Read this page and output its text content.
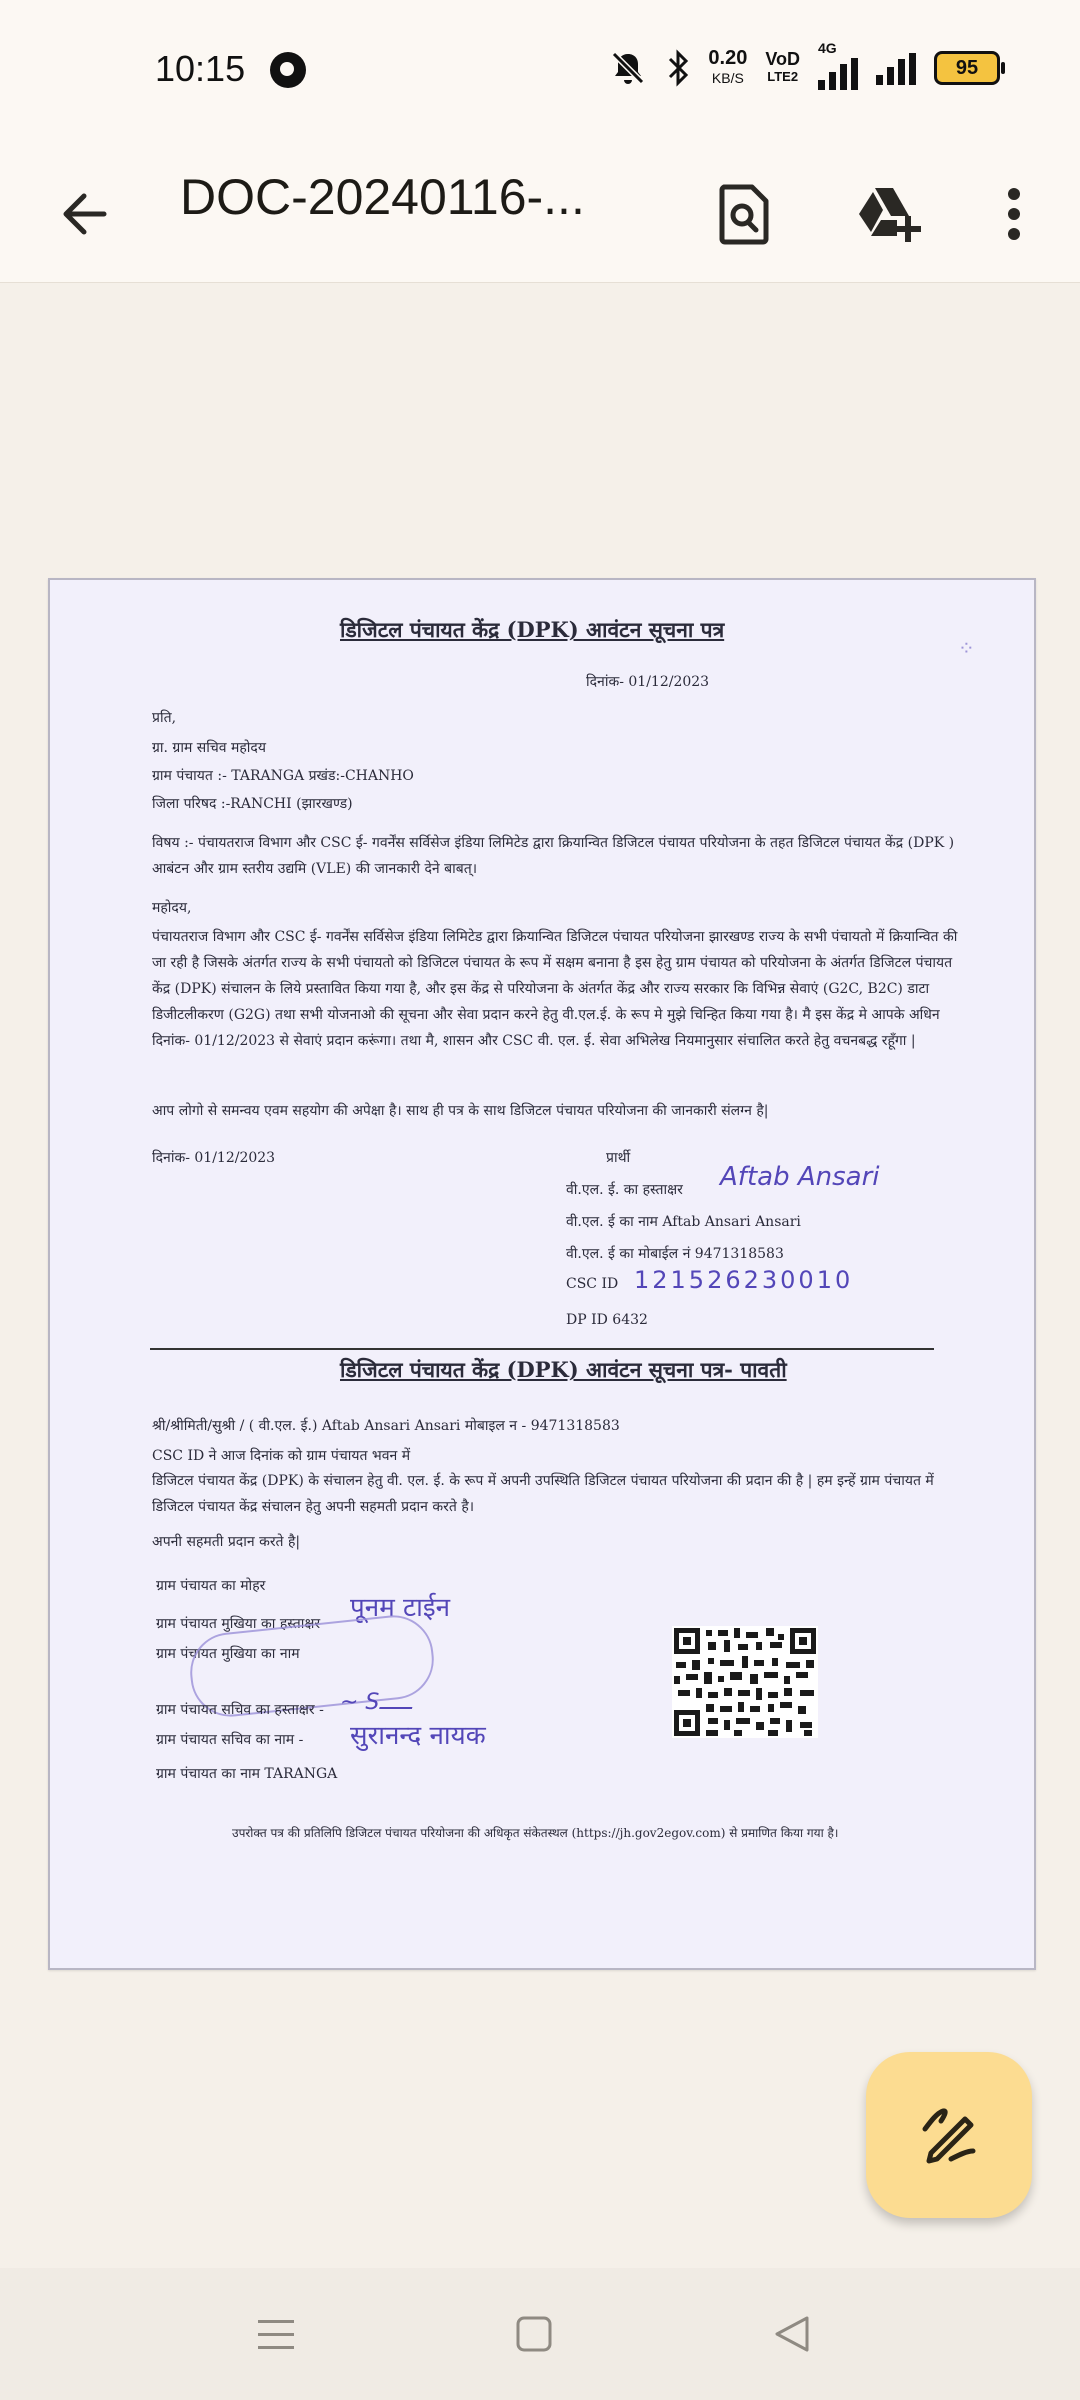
10:15	0.20
KB/S
VoD
LTE2
4G
95
DOC-20240116-...
डिजिटल पंचायत केंद्र (DPK) आवंटन सूचना पत्र
दिनांक- 01/12/2023
⁘
प्रति,
ग्रा. ग्राम सचिव महोदय
ग्राम पंचायत :- TARANGA प्रखंड:-CHANHO
जिला परिषद :-RANCHI (झारखण्ड)
विषय :- पंचायतराज विभाग और CSC ई- गवर्नेंस सर्विसेज इंडिया लिमिटेड द्वारा क्रियान्वित डिजिटल पंचायत परियोजना के तहत डिजिटल पंचायत केंद्र (DPK ) आबंटन और ग्राम स्तरीय उद्यमि (VLE) की जानकारी देने बाबत्।
महोदय,
पंचायतराज विभाग और CSC ई- गवर्नेंस सर्विसेज इंडिया लिमिटेड द्वारा क्रियान्वित डिजिटल पंचायत परियोजना झारखण्ड राज्य के सभी पंचायतो में क्रियान्वित की जा रही है जिसके अंतर्गत राज्य के सभी पंचायतो को डिजिटल पंचायत के रूप में सक्षम बनाना है इस हेतु ग्राम पंचायत को परियोजना के अंतर्गत डिजिटल पंचायत केंद्र (DPK) संचालन के लिये प्रस्तावित किया गया है, और इस केंद्र से परियोजना के अंतर्गत केंद्र और राज्य सरकार कि विभिन्न सेवाएं (G2C, B2C) डाटा डिजीटलीकरण (G2G) तथा सभी योजनाओ की सूचना और सेवा प्रदान करने हेतु वी.एल.ई. के रूप मे मुझे चिन्हित किया गया है। मै इस केंद्र मे आपके अधिन दिनांक- 01/12/2023 से सेवाएं प्रदान करूंगा। तथा मै, शासन और CSC वी. एल. ई. सेवा अभिलेख नियमानुसार संचालित करते हेतु वचनबद्ध रहूँगा |
आप लोगो से समन्वय एवम सहयोग की अपेक्षा है। साथ ही पत्र के साथ डिजिटल पंचायत परियोजना की जानकारी संलग्न है|
दिनांक- 01/12/2023	प्रार्थी
वी.एल. ई. का हस्ताक्षर Aftab Ansari
वी.एल. ई का नाम Aftab Ansari Ansari
वी.एल. ई का मोबाईल नं 9471318583
CSC ID 121526230010
DP ID 6432
डिजिटल पंचायत केंद्र (DPK) आवंटन सूचना पत्र- पावती
श्री/श्रीमिती/सुश्री / ( वी.एल. ई.) Aftab Ansari Ansari मोबाइल न - 9471318583
CSC ID ने आज दिनांक को ग्राम पंचायत भवन में
डिजिटल पंचायत केंद्र (DPK) के संचालन हेतु वी. एल. ई. के रूप में अपनी उपस्थिति डिजिटल पंचायत परियोजना की प्रदान की है | हम इन्हें ग्राम पंचायत में डिजिटल पंचायत केंद्र संचालन हेतु अपनी सहमती प्रदान करते है।
अपनी सहमती प्रदान करते है|
ग्राम पंचायत का मोहर
ग्राम पंचायत मुखिया का हस्ताक्षर
पूनम टाईन
ग्राम पंचायत मुखिया का नाम
ग्राम पंचायत सचिव का हस्ताक्षर - ~ Sـــــ
ग्राम पंचायत सचिव का नाम - सुरानन्द नायक
ग्राम पंचायत का नाम TARANGA
उपरोक्त पत्र की प्रतिलिपि डिजिटल पंचायत परियोजना की अधिकृत संकेतस्थल (https://jh.gov2egov.com) से प्रमाणित किया गया है।
